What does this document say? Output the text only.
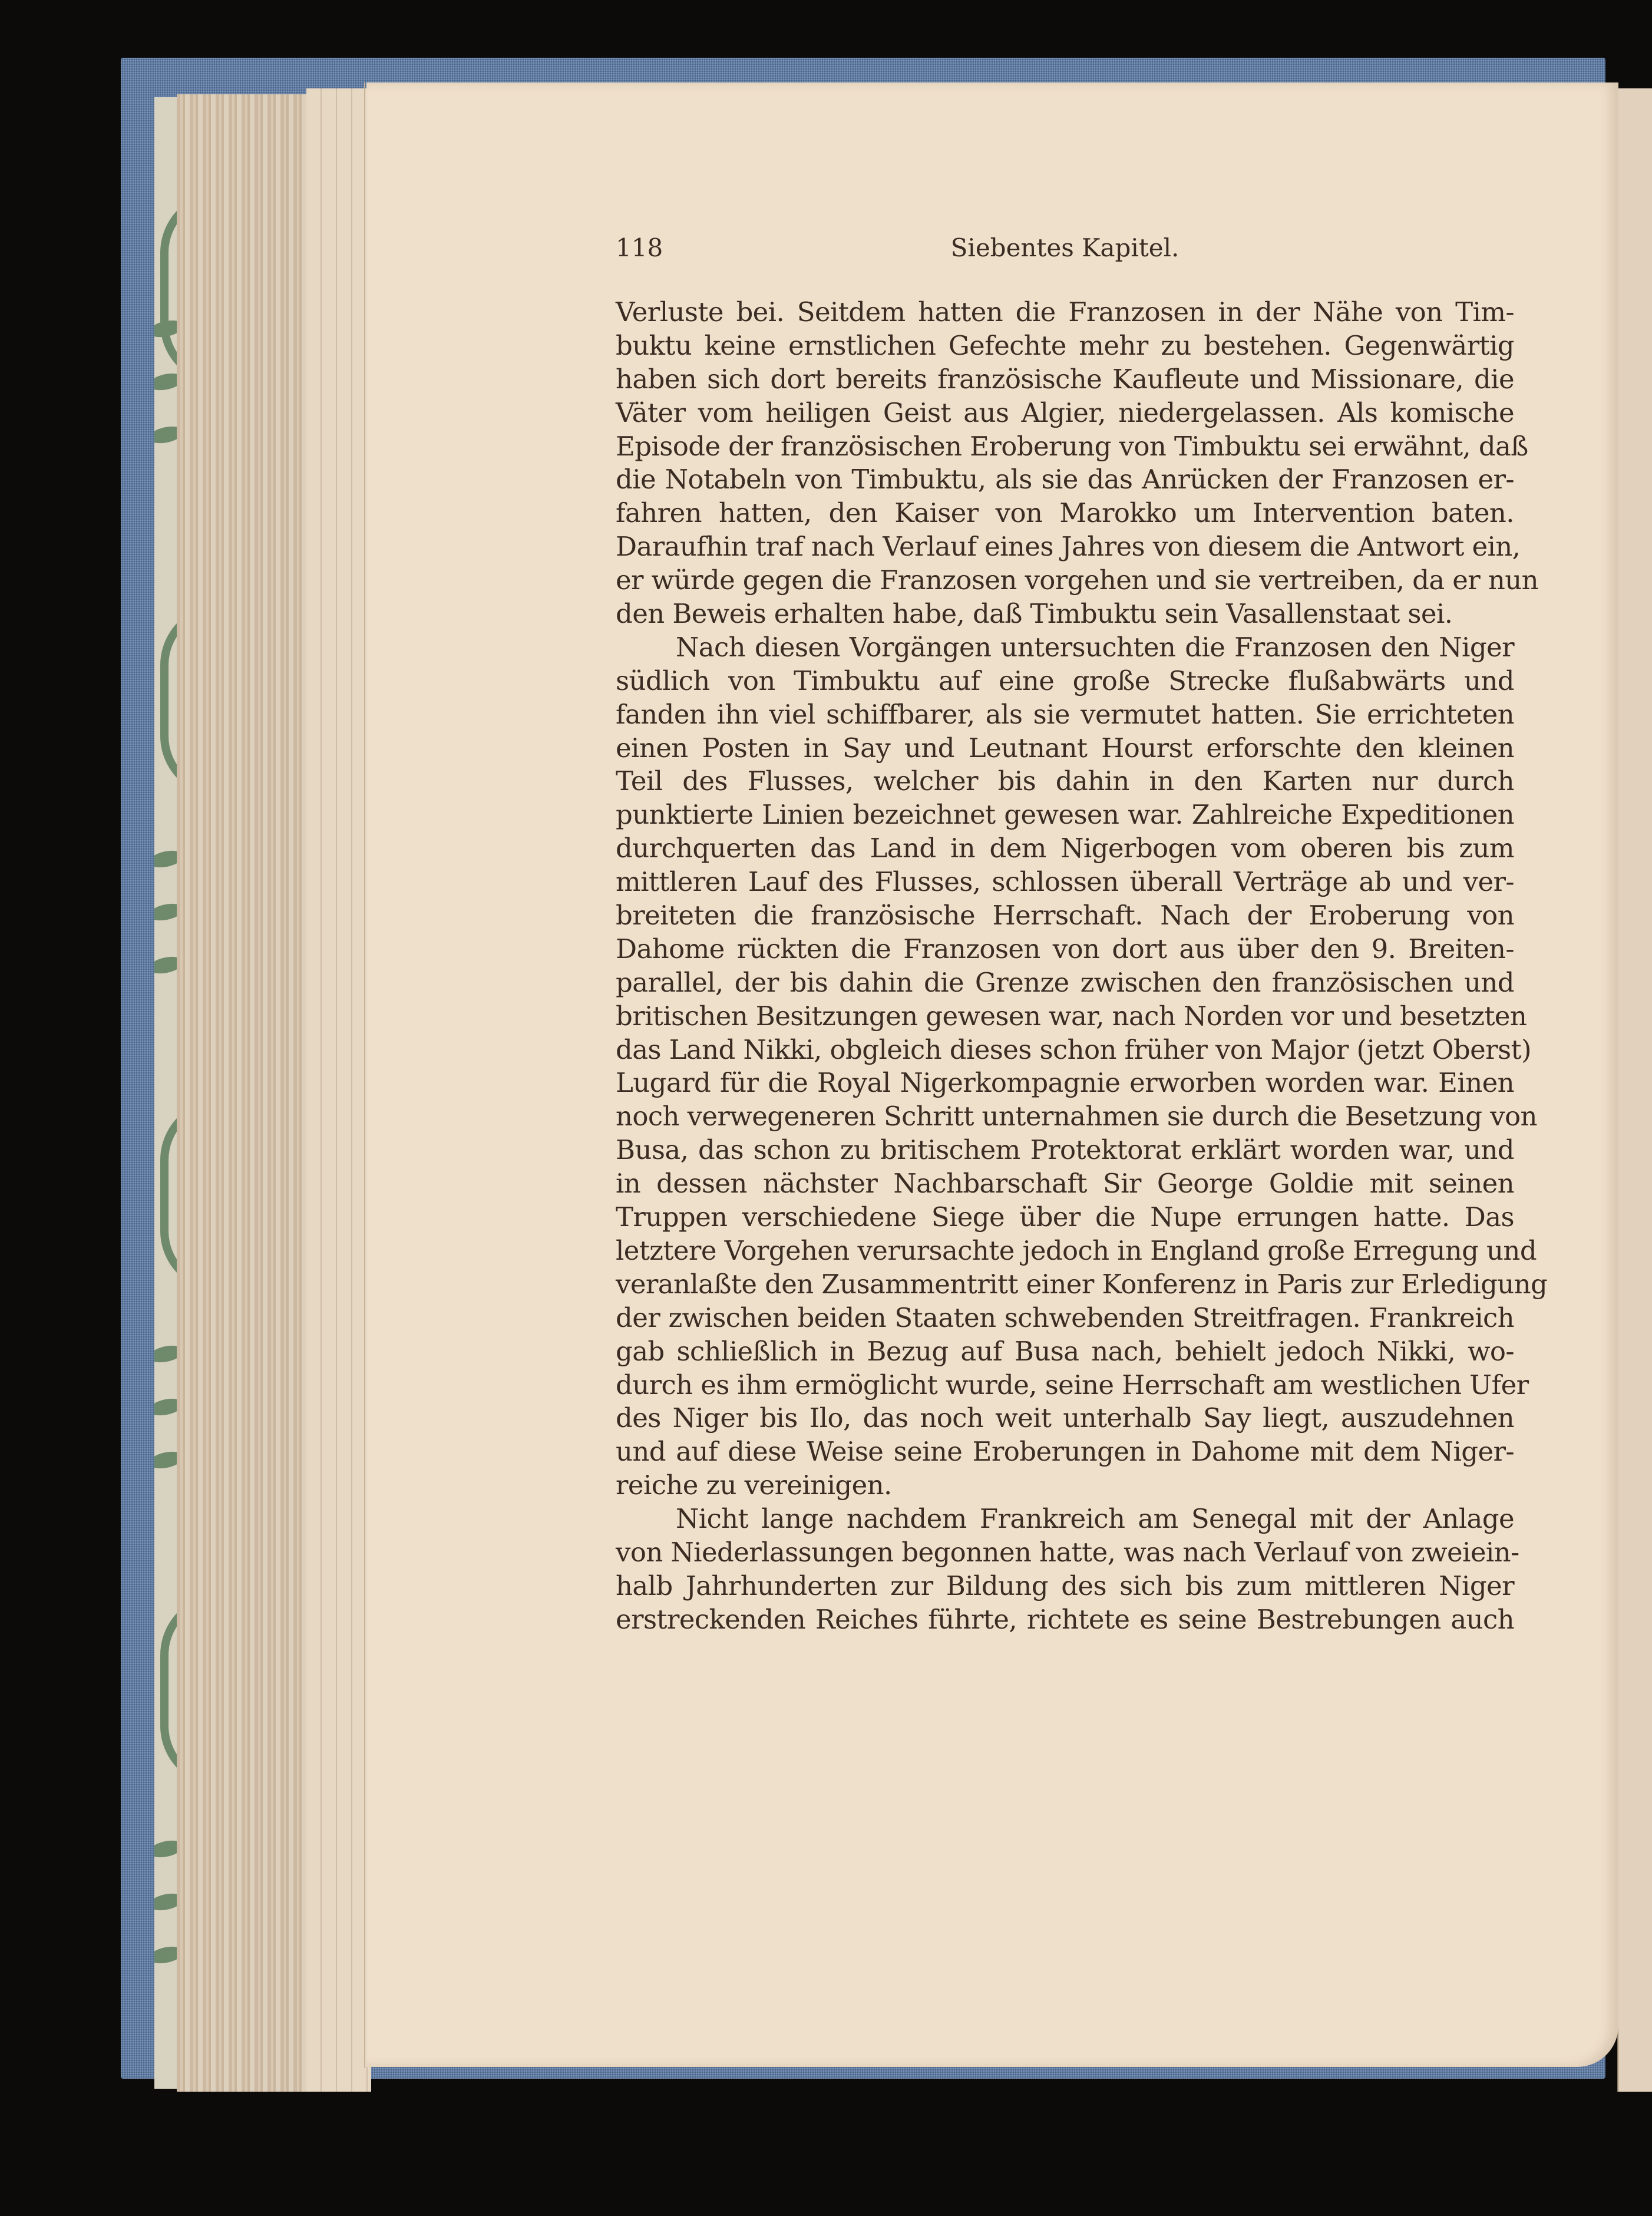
118	Siebentes Kapitel.
Verluste bei. Seitdem hatten die Franzosen in der Nähe von Tim-
buktu keine ernstlichen Gefechte mehr zu bestehen. Gegenwärtig
haben sich dort bereits französische Kaufleute und Missionare, die
Väter vom heiligen Geist aus Algier, niedergelassen. Als komische
Episode der französischen Eroberung von Timbuktu sei erwähnt, daß
die Notabeln von Timbuktu, als sie das Anrücken der Franzosen er-
fahren hatten, den Kaiser von Marokko um Intervention baten.
Daraufhin traf nach Verlauf eines Jahres von diesem die Antwort ein,
er würde gegen die Franzosen vorgehen und sie vertreiben, da er nun
den Beweis erhalten habe, daß Timbuktu sein Vasallenstaat sei.
Nach diesen Vorgängen untersuchten die Franzosen den Niger
südlich von Timbuktu auf eine große Strecke flußabwärts und
fanden ihn viel schiffbarer, als sie vermutet hatten. Sie errichteten
einen Posten in Say und Leutnant Hourst erforschte den kleinen
Teil des Flusses, welcher bis dahin in den Karten nur durch
punktierte Linien bezeichnet gewesen war. Zahlreiche Expeditionen
durchquerten das Land in dem Nigerbogen vom oberen bis zum
mittleren Lauf des Flusses, schlossen überall Verträge ab und ver-
breiteten die französische Herrschaft. Nach der Eroberung von
Dahome rückten die Franzosen von dort aus über den 9. Breiten-
parallel, der bis dahin die Grenze zwischen den französischen und
britischen Besitzungen gewesen war, nach Norden vor und besetzten
das Land Nikki, obgleich dieses schon früher von Major (jetzt Oberst)
Lugard für die Royal Nigerkompagnie erworben worden war. Einen
noch verwegeneren Schritt unternahmen sie durch die Besetzung von
Busa, das schon zu britischem Protektorat erklärt worden war, und
in dessen nächster Nachbarschaft Sir George Goldie mit seinen
Truppen verschiedene Siege über die Nupe errungen hatte. Das
letztere Vorgehen verursachte jedoch in England große Erregung und
veranlaßte den Zusammentritt einer Konferenz in Paris zur Erledigung
der zwischen beiden Staaten schwebenden Streitfragen. Frankreich
gab schließlich in Bezug auf Busa nach, behielt jedoch Nikki, wo-
durch es ihm ermöglicht wurde, seine Herrschaft am westlichen Ufer
des Niger bis Ilo, das noch weit unterhalb Say liegt, auszudehnen
und auf diese Weise seine Eroberungen in Dahome mit dem Niger-
reiche zu vereinigen.
Nicht lange nachdem Frankreich am Senegal mit der Anlage
von Niederlassungen begonnen hatte, was nach Verlauf von zweiein-
halb Jahrhunderten zur Bildung des sich bis zum mittleren Niger
erstreckenden Reiches führte, richtete es seine Bestrebungen auch
